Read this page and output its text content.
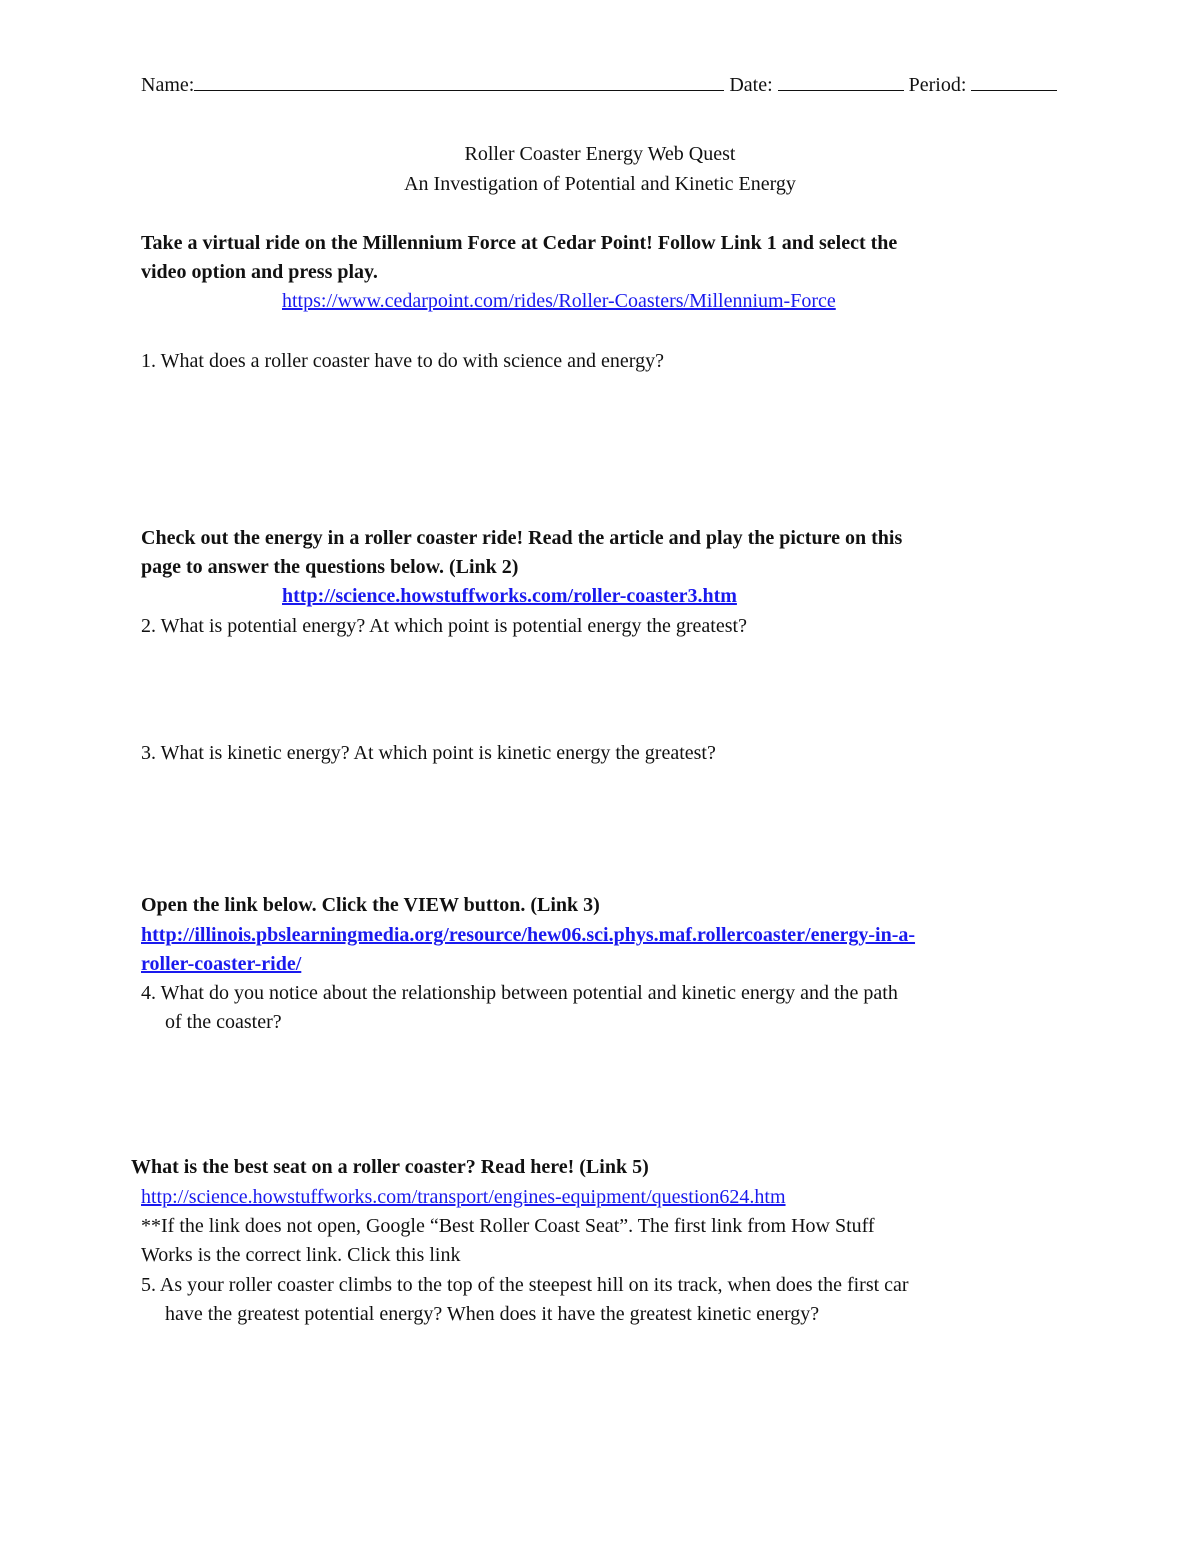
Name:	Date:	Period:
Roller Coaster Energy Web Quest
An Investigation of Potential and Kinetic Energy
Take a virtual ride on the Millennium Force at Cedar Point! Follow Link 1 and select the
video option and press play.
https://www.cedarpoint.com/rides/Roller-Coasters/Millennium-Force
1. What does a roller coaster have to do with science and energy?
Check out the energy in a roller coaster ride! Read the article and play the picture on this
page to answer the questions below. (Link 2)
http://science.howstuffworks.com/roller-coaster3.htm
2. What is potential energy? At which point is potential energy the greatest?
3. What is kinetic energy? At which point is kinetic energy the greatest?
Open the link below. Click the VIEW button. (Link 3)
http://illinois.pbslearningmedia.org/resource/hew06.sci.phys.maf.rollercoaster/energy-in-a-
roller-coaster-ride/
4. What do you notice about the relationship between potential and kinetic energy and the path
of the coaster?
What is the best seat on a roller coaster? Read here! (Link 5)
http://science.howstuffworks.com/transport/engines-equipment/question624.htm
**If the link does not open, Google “Best Roller Coast Seat”. The first link from How Stuff
Works is the correct link. Click this link
5. As your roller coaster climbs to the top of the steepest hill on its track, when does the first car
have the greatest potential energy? When does it have the greatest kinetic energy?
